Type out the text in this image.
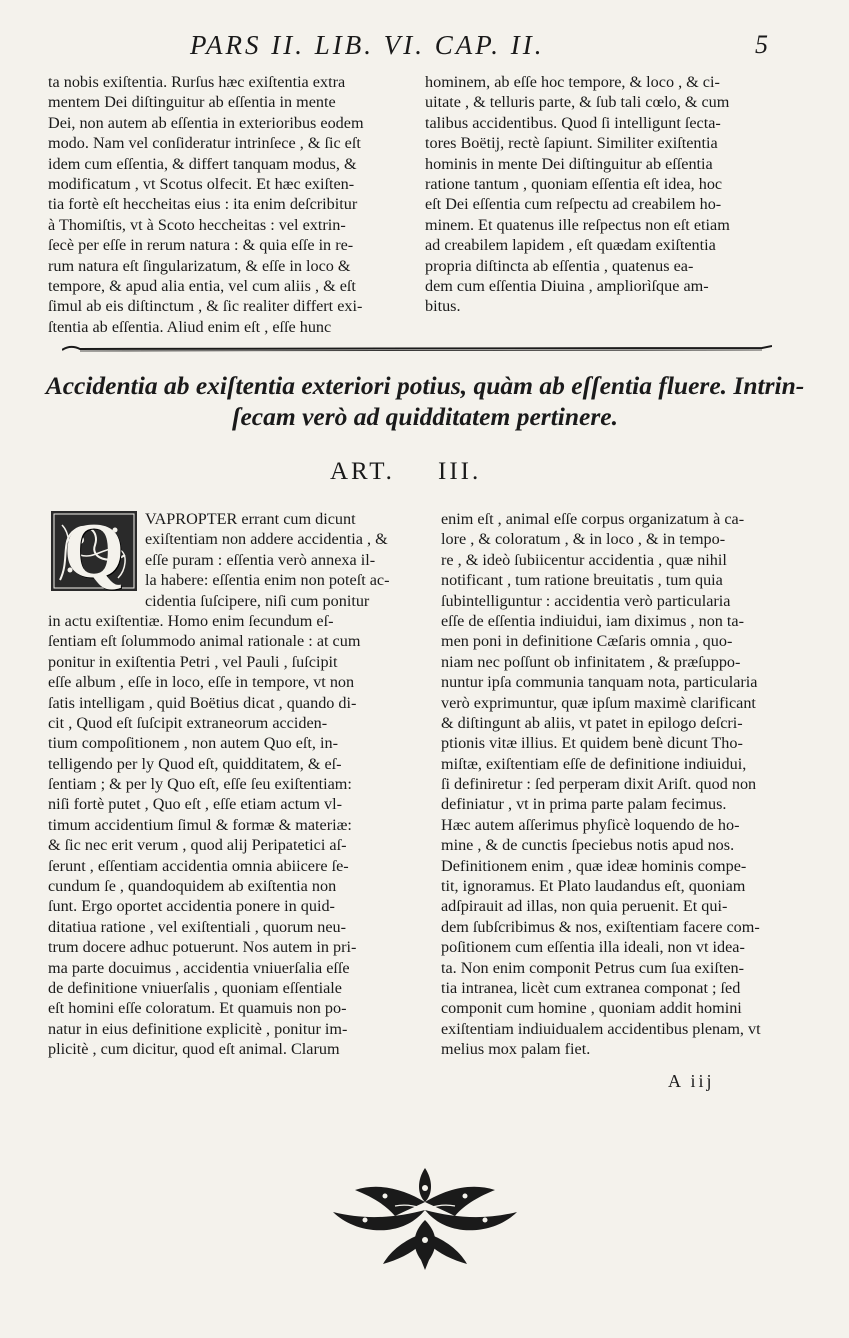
PARS II. LIB. VI. CAP. II.	5
ta nobis exiſtentia. Rurſus hæc exiſtentia extra
mentem Dei diſtinguitur ab eſſentia in mente
Dei, non autem ab eſſentia in exterioribus eodem
modo. Nam vel conſideratur intrinſece , & ſic eſt
idem cum eſſentia, & differt tanquam modus, &
modificatum , vt Scotus olfecit. Et hæc exiſten-
tia fortè eſt heccheitas eius : ita enim deſcribitur
à Thomiſtis, vt à Scoto heccheitas : vel extrin-
ſecè per eſſe in rerum natura : & quia eſſe in re-
rum natura eſt ſingularizatum, & eſſe in loco &
tempore, & apud alia entia, vel cum aliis , & eſt
ſimul ab eis diſtinctum , & ſic realiter differt exi-
ſtentia ab eſſentia. Aliud enim eſt , eſſe hunc
hominem, ab eſſe hoc tempore, & loco , & ci-
uitate , & telluris parte, & ſub tali cœlo, & cum
talibus accidentibus. Quod ſi intelligunt ſecta-
tores Boëtij, rectè ſapiunt. Similiter exiſtentia
hominis in mente Dei diſtinguitur ab eſſentia
ratione tantum , quoniam eſſentia eſt idea, hoc
eſt Dei eſſentia cum reſpectu ad creabilem ho-
minem. Et quatenus ille reſpectus non eſt etiam
ad creabilem lapidem , eſt quædam exiſtentia
propria diſtincta ab eſſentia , quatenus ea-
dem cum eſſentia Diuina , ampliorìſque am-
bitus.
Accidentia ab exiſtentia exteriori potius, quàm ab eſſentia fluere. Intrin-
ſecam verò ad quidditatem pertinere.
ART. III.
Q	VAPROPTER errant cum dicunt
exiſtentiam non addere accidentia , &
eſſe puram : eſſentia verò annexa il-
la habere: eſſentia enim non poteſt ac-
cidentia ſuſcipere, niſi cum ponitur
in actu exiſtentiæ. Homo enim ſecundum eſ-
ſentiam eſt ſolummodo animal rationale : at cum
ponitur in exiſtentia Petri , vel Pauli , ſuſcipit
eſſe album , eſſe in loco, eſſe in tempore, vt non
ſatis intelligam , quid Boëtius dicat , quando di-
cit , Quod eſt ſuſcipit extraneorum acciden-
tium compoſitionem , non autem Quo eſt, in-
telligendo per ly Quod eſt, quidditatem, & eſ-
ſentiam ; & per ly Quo eſt, eſſe ſeu exiſtentiam:
niſi fortè putet , Quo eſt , eſſe etiam actum vl-
timum accidentium ſimul & formæ & materiæ:
& ſic nec erit verum , quod alij Peripatetici aſ-
ſerunt , eſſentiam accidentia omnia abiicere ſe-
cundum ſe , quandoquidem ab exiſtentia non
ſunt. Ergo oportet accidentia ponere in quid-
ditatiua ratione , vel exiſtentiali , quorum neu-
trum docere adhuc potuerunt. Nos autem in pri-
ma parte docuimus , accidentia vniuerſalia eſſe
de definitione vniuerſalis , quoniam eſſentiale
eſt homini eſſe coloratum. Et quamuis non po-
natur in eius definitione explicitè , ponitur im-
plicitè , cum dicitur, quod eſt animal. Clarum
enim eſt , animal eſſe corpus organizatum à ca-
lore , & coloratum , & in loco , & in tempo-
re , & ideò ſubiicentur accidentia , quæ nihil
notificant , tum ratione breuitatis , tum quia
ſubintelliguntur : accidentia verò particularia
eſſe de eſſentia indiuidui, iam diximus , non ta-
men poni in definitione Cæſaris omnia , quo-
niam nec poſſunt ob infinitatem , & præſuppo-
nuntur ipſa communia tanquam nota, particularia
verò exprimuntur, quæ ipſum maximè clarificant
& diſtingunt ab aliis, vt patet in epilogo deſcri-
ptionis vitæ illius. Et quidem benè dicunt Tho-
miſtæ, exiſtentiam eſſe de definitione indiuidui,
ſi definiretur : ſed perperam dixit Ariſt. quod non
definiatur , vt in prima parte palam fecimus.
Hæc autem aſſerimus phyſicè loquendo de ho-
mine , & de cunctis ſpeciebus notis apud nos.
Definitionem enim , quæ ideæ hominis compe-
tit, ignoramus. Et Plato laudandus eſt, quoniam
adſpirauit ad illas, non quia peruenit. Et qui-
dem ſubſcribimus & nos, exiſtentiam facere com-
poſitionem cum eſſentia illa ideali, non vt idea-
ta. Non enim componit Petrus cum ſua exiſten-
tia intranea, licèt cum extranea componat ; ſed
componit cum homine , quoniam addit homini
exiſtentiam indiuidualem accidentibus plenam, vt
melius mox palam fiet.
A iij
